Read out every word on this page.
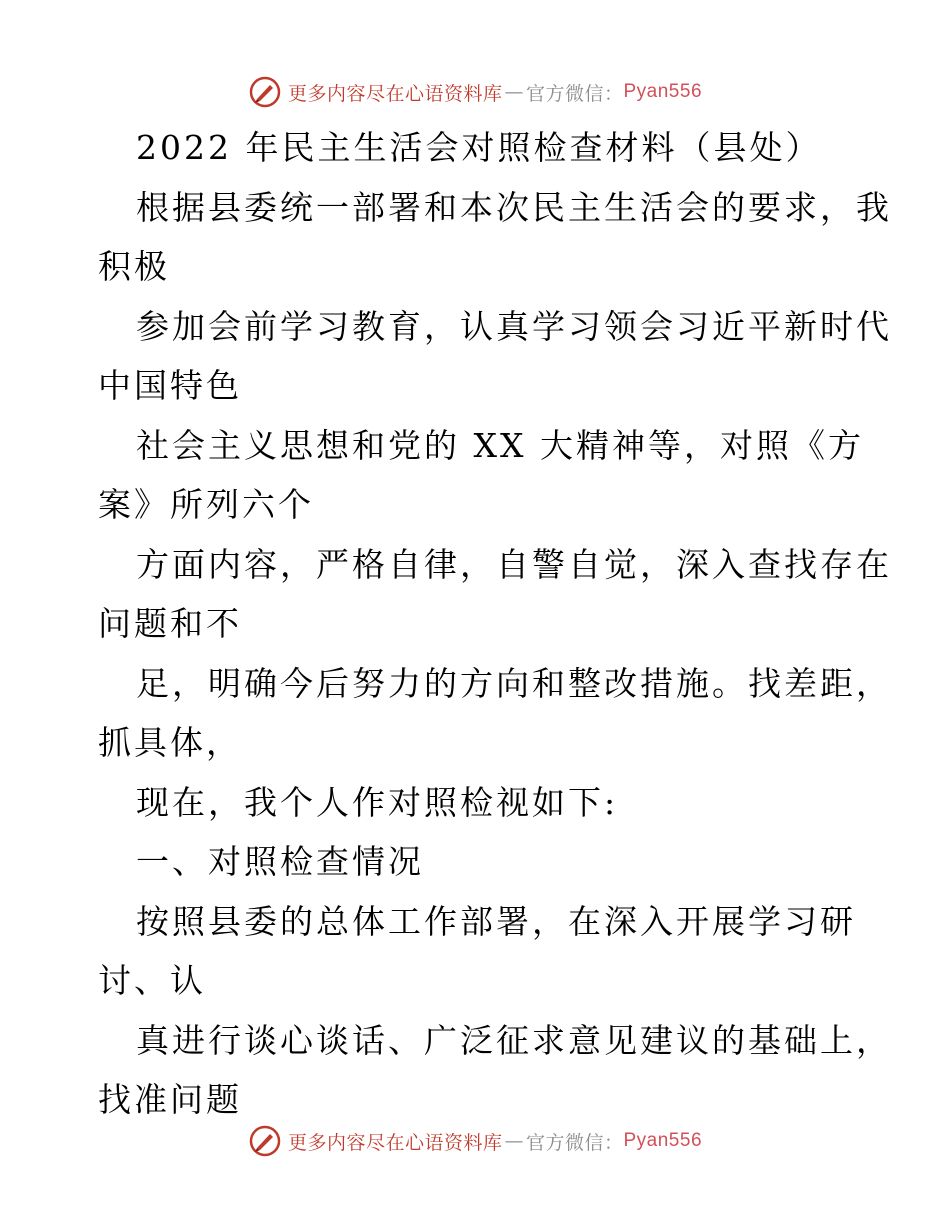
更多内容尽在心语资料库 — 官方微信： Pyan556
2022 年民主生活会对照检查材料（县处）
根据县委统一部署和本次民主生活会的要求，我
积极
参加会前学习教育，认真学习领会习近平新时代
中国特色
社会主义思想和党的 XX 大精神等，对照《方
案》所列六个
方面内容，严格自律，自警自觉，深入查找存在
问题和不
足，明确今后努力的方向和整改措施。找差距，
抓具体，
现在，我个人作对照检视如下:
一、对照检查情况
按照县委的总体工作部署，在深入开展学习研
讨、认
真进行谈心谈话、广泛征求意见建议的基础上，
找准问题
更多内容尽在心语资料库 — 官方微信： Pyan556
